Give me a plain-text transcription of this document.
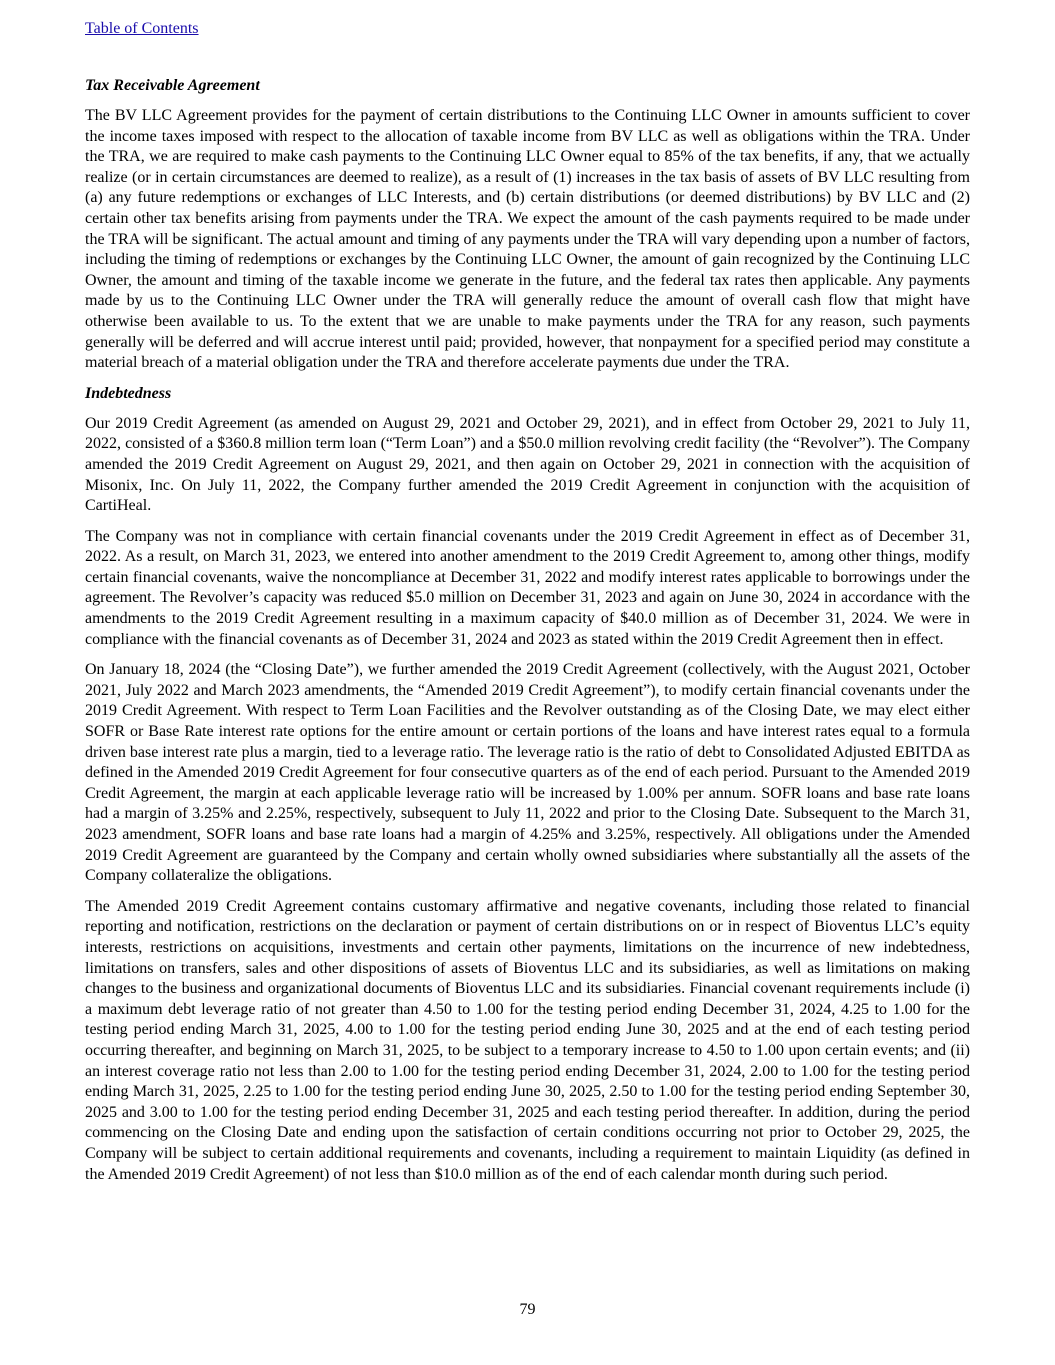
Table of Contents
Tax Receivable Agreement

The BV LLC Agreement provides for the payment of certain distributions to the Continuing LLC Owner in amounts sufficient to cover the income taxes imposed with respect to the allocation of taxable income from BV LLC as well as obligations within the TRA. Under the TRA, we are required to make cash payments to the Continuing LLC Owner equal to 85% of the tax benefits, if any, that we actually realize (or in certain circumstances are deemed to realize), as a result of (1) increases in the tax basis of assets of BV LLC resulting from (a) any future redemptions or exchanges of LLC Interests, and (b) certain distributions (or deemed distributions) by BV LLC and (2) certain other tax benefits arising from payments under the TRA. We expect the amount of the cash payments required to be made under the TRA will be significant. The actual amount and timing of any payments under the TRA will vary depending upon a number of factors, including the timing of redemptions or exchanges by the Continuing LLC Owner, the amount of gain recognized by the Continuing LLC Owner, the amount and timing of the taxable income we generate in the future, and the federal tax rates then applicable. Any payments made by us to the Continuing LLC Owner under the TRA will generally reduce the amount of overall cash flow that might have otherwise been available to us. To the extent that we are unable to make payments under the TRA for any reason, such payments generally will be deferred and will accrue interest until paid; provided, however, that nonpayment for a specified period may constitute a material breach of a material obligation under the TRA and therefore accelerate payments due under the TRA.

Indebtedness

Our 2019 Credit Agreement (as amended on August 29, 2021 and October 29, 2021), and in effect from October 29, 2021 to July 11, 2022, consisted of a $360.8 million term loan (“Term Loan”) and a $50.0 million revolving credit facility (the “Revolver”). The Company amended the 2019 Credit Agreement on August 29, 2021, and then again on October 29, 2021 in connection with the acquisition of Misonix, Inc. On July 11, 2022, the Company further amended the 2019 Credit Agreement in conjunction with the acquisition of CartiHeal.

The Company was not in compliance with certain financial covenants under the 2019 Credit Agreement in effect as of December 31, 2022. As a result, on March 31, 2023, we entered into another amendment to the 2019 Credit Agreement to, among other things, modify certain financial covenants, waive the noncompliance at December 31, 2022 and modify interest rates applicable to borrowings under the agreement. The Revolver’s capacity was reduced $5.0 million on December 31, 2023 and again on June 30, 2024 in accordance with the amendments to the 2019 Credit Agreement resulting in a maximum capacity of $40.0 million as of December 31, 2024. We were in compliance with the financial covenants as of December 31, 2024 and 2023 as stated within the 2019 Credit Agreement then in effect.

On January 18, 2024 (the “Closing Date”), we further amended the 2019 Credit Agreement (collectively, with the August 2021, October 2021, July 2022 and March 2023 amendments, the “Amended 2019 Credit Agreement”), to modify certain financial covenants under the 2019 Credit Agreement. With respect to Term Loan Facilities and the Revolver outstanding as of the Closing Date, we may elect either SOFR or Base Rate interest rate options for the entire amount or certain portions of the loans and have interest rates equal to a formula driven base interest rate plus a margin, tied to a leverage ratio. The leverage ratio is the ratio of debt to Consolidated Adjusted EBITDA as defined in the Amended 2019 Credit Agreement for four consecutive quarters as of the end of each period. Pursuant to the Amended 2019 Credit Agreement, the margin at each applicable leverage ratio will be increased by 1.00% per annum. SOFR loans and base rate loans had a margin of 3.25% and 2.25%, respectively, subsequent to July 11, 2022 and prior to the Closing Date. Subsequent to the March 31, 2023 amendment, SOFR loans and base rate loans had a margin of 4.25% and 3.25%, respectively. All obligations under the Amended 2019 Credit Agreement are guaranteed by the Company and certain wholly owned subsidiaries where substantially all the assets of the Company collateralize the obligations.

The Amended 2019 Credit Agreement contains customary affirmative and negative covenants, including those related to financial reporting and notification, restrictions on the declaration or payment of certain distributions on or in respect of Bioventus LLC’s equity interests, restrictions on acquisitions, investments and certain other payments, limitations on the incurrence of new indebtedness, limitations on transfers, sales and other dispositions of assets of Bioventus LLC and its subsidiaries, as well as limitations on making changes to the business and organizational documents of Bioventus LLC and its subsidiaries. Financial covenant requirements include (i) a maximum debt leverage ratio of not greater than 4.50 to 1.00 for the testing period ending December 31, 2024, 4.25 to 1.00 for the testing period ending March 31, 2025, 4.00 to 1.00 for the testing period ending June 30, 2025 and at the end of each testing period occurring thereafter, and beginning on March 31, 2025, to be subject to a temporary increase to 4.50 to 1.00 upon certain events; and (ii) an interest coverage ratio not less than 2.00 to 1.00 for the testing period ending December 31, 2024, 2.00 to 1.00 for the testing period ending March 31, 2025, 2.25 to 1.00 for the testing period ending June 30, 2025, 2.50 to 1.00 for the testing period ending September 30, 2025 and 3.00 to 1.00 for the testing period ending December 31, 2025 and each testing period thereafter. In addition, during the period commencing on the Closing Date and ending upon the satisfaction of certain conditions occurring not prior to October 29, 2025, the Company will be subject to certain additional requirements and covenants, including a requirement to maintain Liquidity (as defined in the Amended 2019 Credit Agreement) of not less than $10.0 million as of the end of each calendar month during such period.

79
